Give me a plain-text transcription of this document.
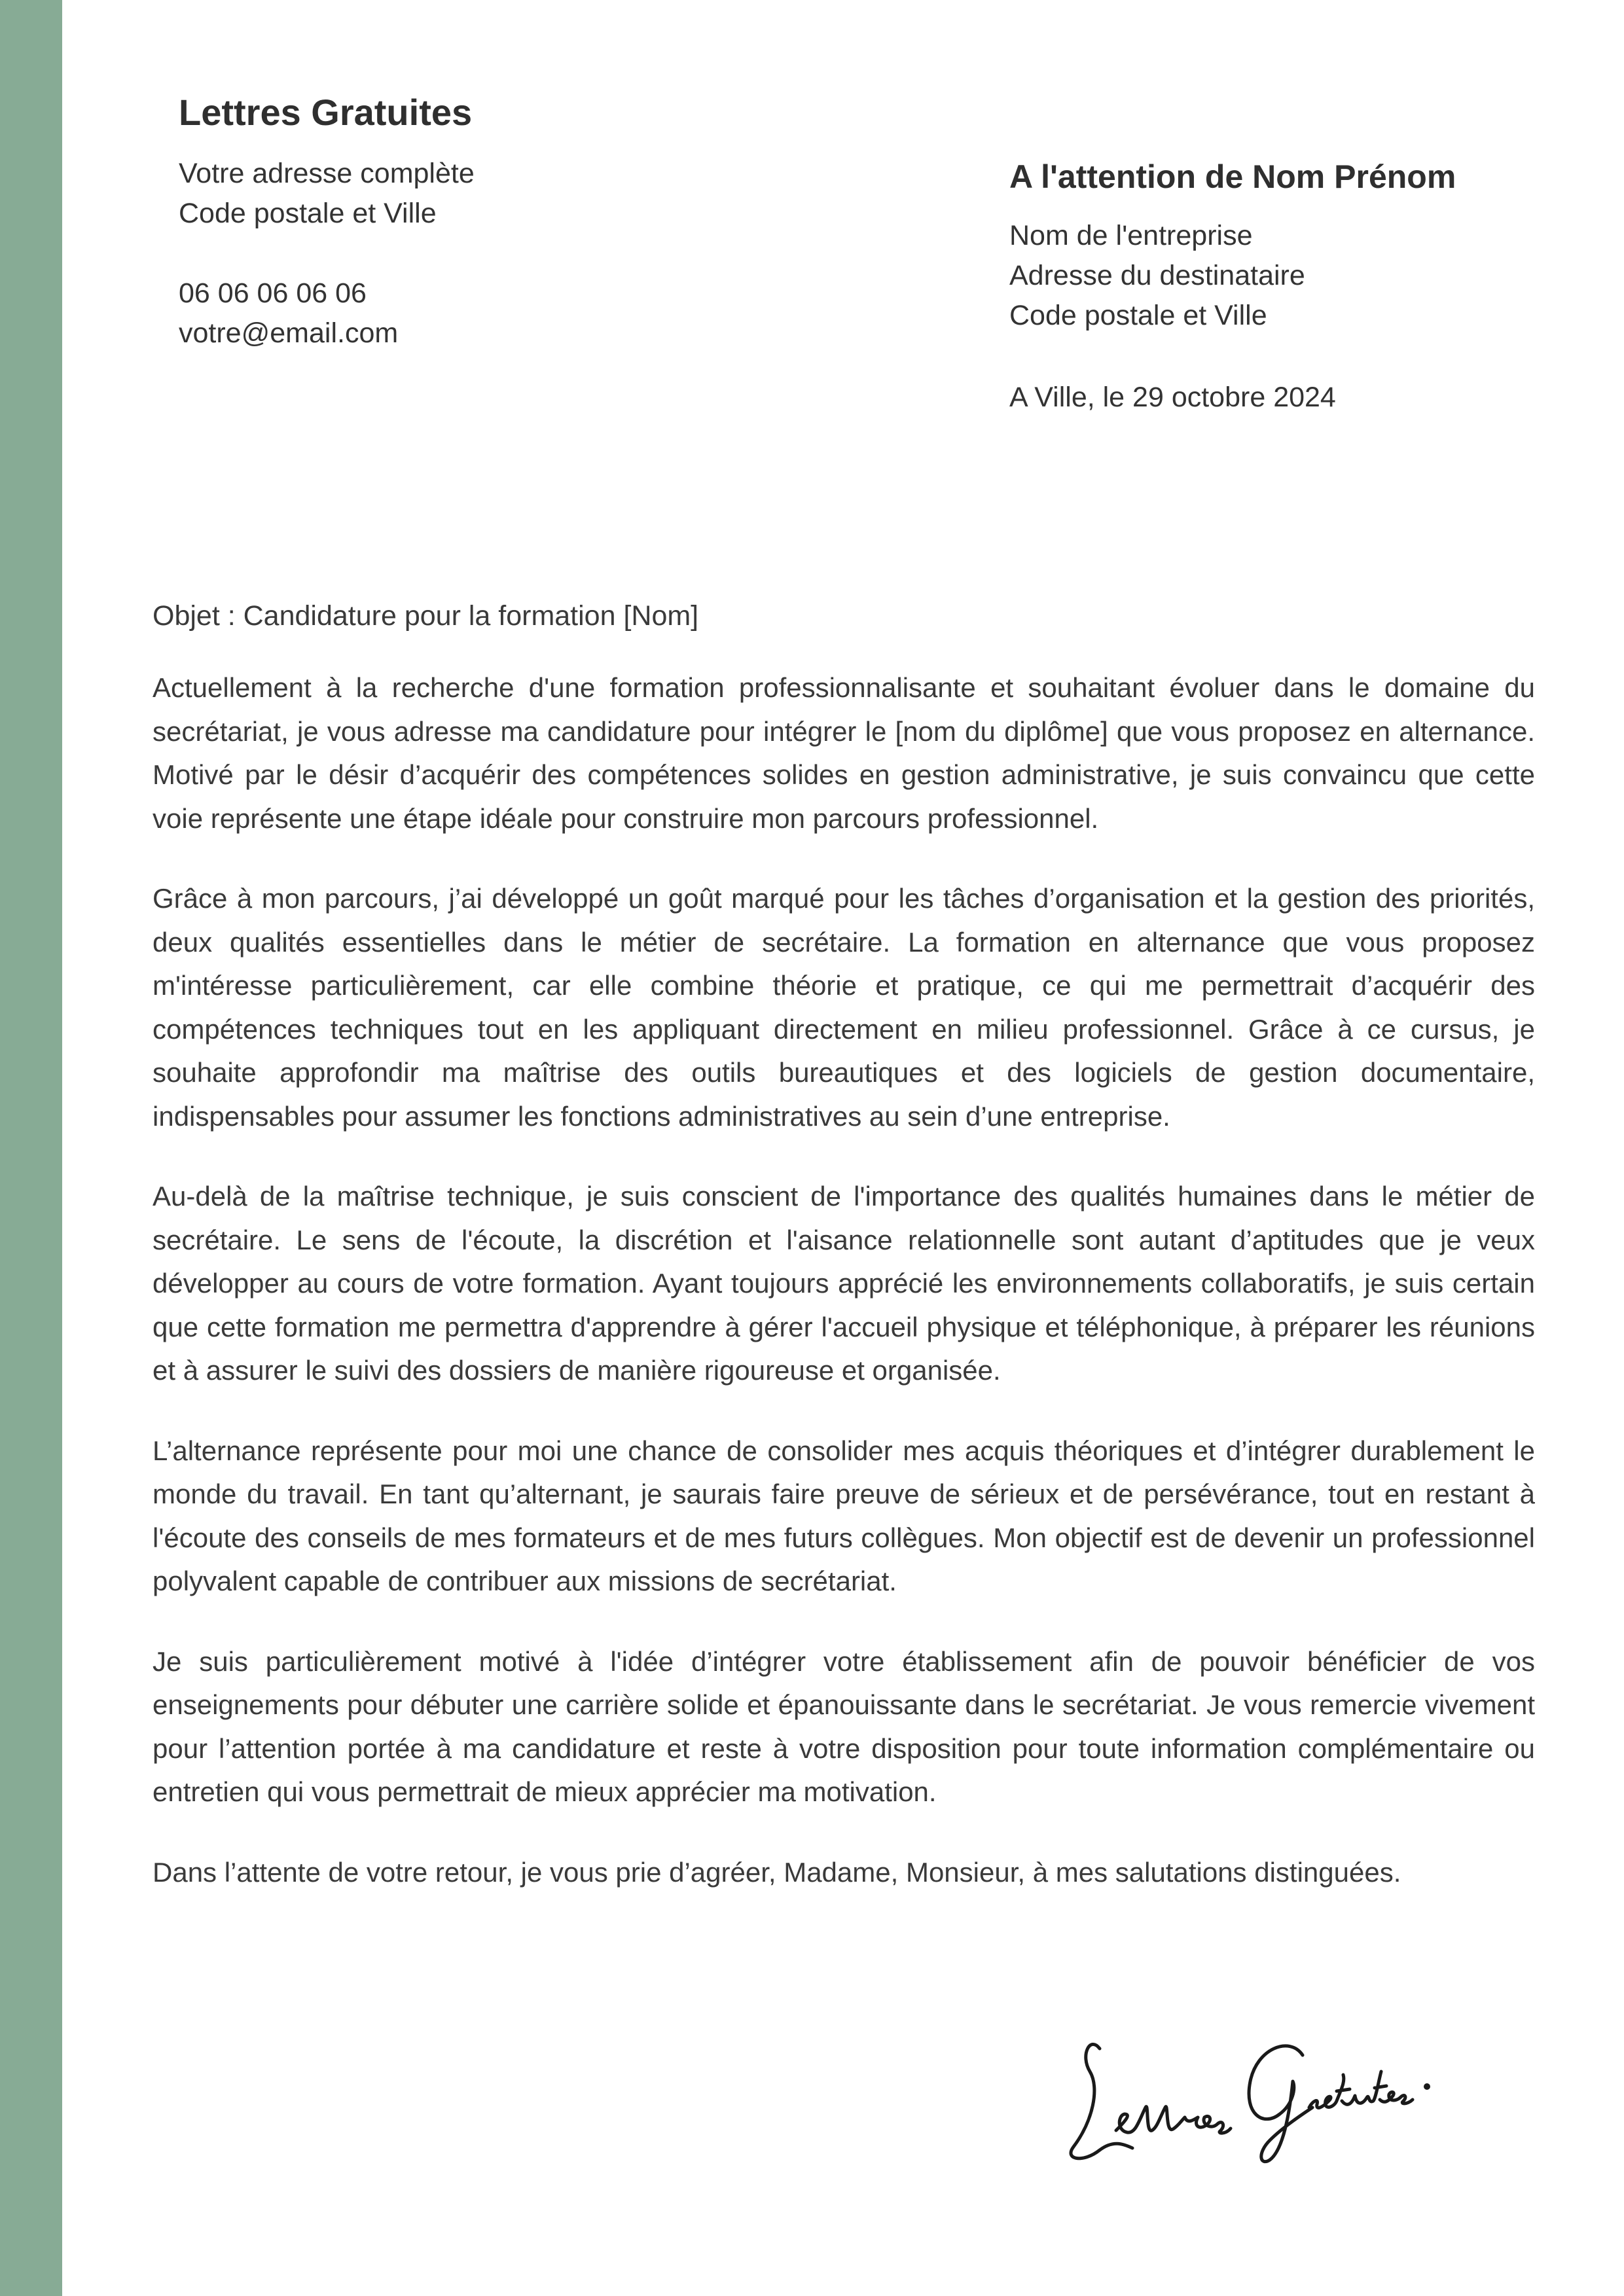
Lettres Gratuites
Votre adresse complète
Code postale et Ville
06 06 06 06 06
votre@email.com
A l'attention de Nom Prénom
Nom de l'entreprise
Adresse du destinataire
Code postale et Ville
A Ville, le 29 octobre 2024

Objet : Candidature pour la formation [Nom]

Actuellement à la recherche d'une formation professionnalisante et souhaitant évoluer dans le domaine du secrétariat, je vous adresse ma candidature pour intégrer le [nom du diplôme] que vous proposez en alternance. Motivé par le désir d’acquérir des compétences solides en gestion administrative, je suis convaincu que cette voie représente une étape idéale pour construire mon parcours professionnel.

Grâce à mon parcours, j’ai développé un goût marqué pour les tâches d’organisation et la gestion des priorités, deux qualités essentielles dans le métier de secrétaire. La formation en alternance que vous proposez m'intéresse particulièrement, car elle combine théorie et pratique, ce qui me permettrait d’acquérir des compétences techniques tout en les appliquant directement en milieu professionnel. Grâce à ce cursus, je souhaite approfondir ma maîtrise des outils bureautiques et des logiciels de gestion documentaire, indispensables pour assumer les fonctions administratives au sein d’une entreprise.

Au-delà de la maîtrise technique, je suis conscient de l'importance des qualités humaines dans le métier de secrétaire. Le sens de l'écoute, la discrétion et l'aisance relationnelle sont autant d’aptitudes que je veux développer au cours de votre formation. Ayant toujours apprécié les environnements collaboratifs, je suis certain que cette formation me permettra d'apprendre à gérer l'accueil physique et téléphonique, à préparer les réunions et à assurer le suivi des dossiers de manière rigoureuse et organisée.

L’alternance représente pour moi une chance de consolider mes acquis théoriques et d’intégrer durablement le monde du travail. En tant qu’alternant, je saurais faire preuve de sérieux et de persévérance, tout en restant à l'écoute des conseils de mes formateurs et de mes futurs collègues. Mon objectif est de devenir un professionnel polyvalent capable de contribuer aux missions de secrétariat.

Je suis particulièrement motivé à l'idée d’intégrer votre établissement afin de pouvoir bénéficier de vos enseignements pour débuter une carrière solide et épanouissante dans le secrétariat. Je vous remercie vivement pour l’attention portée à ma candidature et reste à votre disposition pour toute information complémentaire ou entretien qui vous permettrait de mieux apprécier ma motivation.

Dans l’attente de votre retour, je vous prie d’agréer, Madame, Monsieur, à mes salutations distinguées.
